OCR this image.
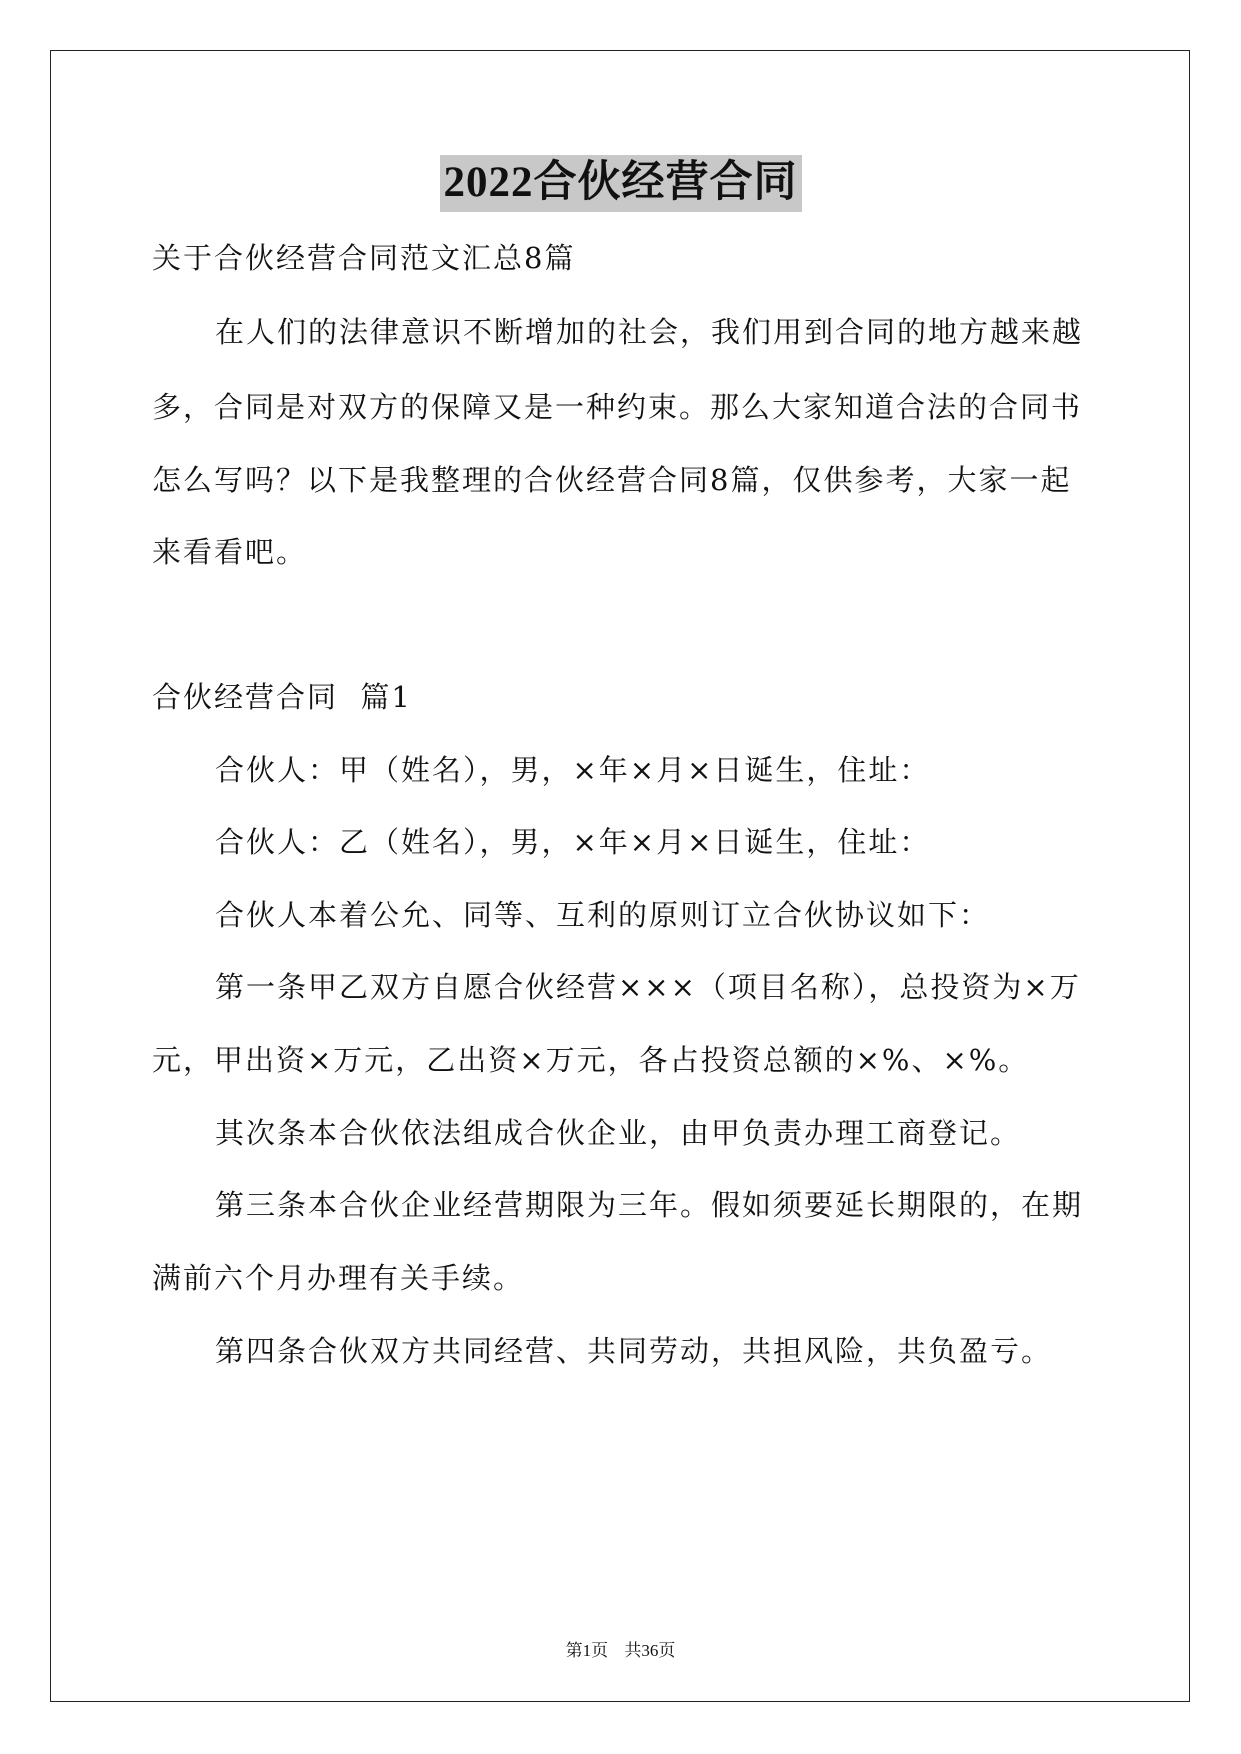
2022合伙经营合同
关于合伙经营合同范文汇总8篇
在人们的法律意识不断增加的社会，我们用到合同的地方越来越
多，合同是对双方的保障又是一种约束。那么大家知道合法的合同书
怎么写吗？以下是我整理的合伙经营合同8篇，仅供参考，大家一起
来看看吧。
合伙经营合同  篇1
合伙人：甲（姓名），男，×年×月×日诞生，住址：
合伙人：乙（姓名），男，×年×月×日诞生，住址：
合伙人本着公允、同等、互利的原则订立合伙协议如下：
第一条甲乙双方自愿合伙经营×××（项目名称），总投资为×万
元，甲出资×万元，乙出资×万元，各占投资总额的×%、×%。
其次条本合伙依法组成合伙企业，由甲负责办理工商登记。
第三条本合伙企业经营期限为三年。假如须要延长期限的，在期
满前六个月办理有关手续。
第四条合伙双方共同经营、共同劳动，共担风险，共负盈亏。
第1页 共36页
